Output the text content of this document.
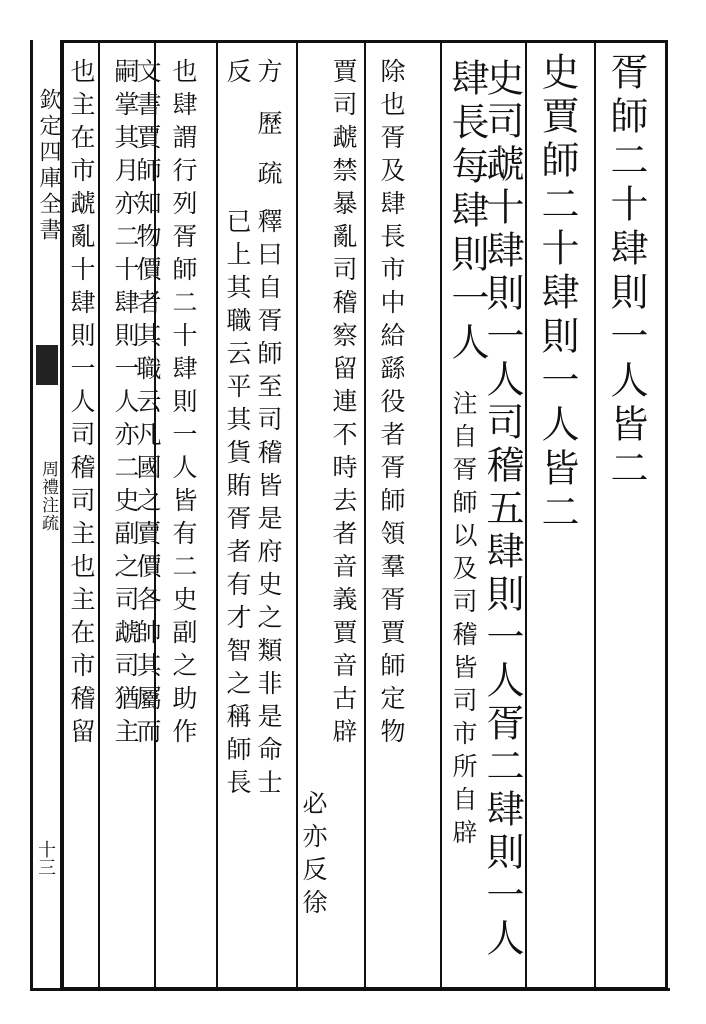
欽定四庫全書
周禮注疏
十三
胥師二十肆則一人皆二
史賈師二十肆則一人皆二
史司虣十肆則一人司稽五肆則一人胥二肆則一人
肆長每肆則一人
注自胥師以及司稽皆司市所自辟
除也胥及肆長市中給繇役者胥師領羣胥賈師定物
賈司虣禁暴亂司稽察留連不時去者音義賈音古辟
必亦反徐
方
歷
疏
釋曰自胥師至司稽皆是府史之類非是命士
反
已上其職云平其貨賄胥者有才智之稱師長
也肆謂行列胥師二十肆則一人皆有二史副之助作
文書賈師知物價者其職云凡國之賣價各帥其屬而
嗣掌其月亦二十肆則一人亦二史副之司虣司猶主
也主在市虣亂十肆則一人司稽司主也主在市稽留
